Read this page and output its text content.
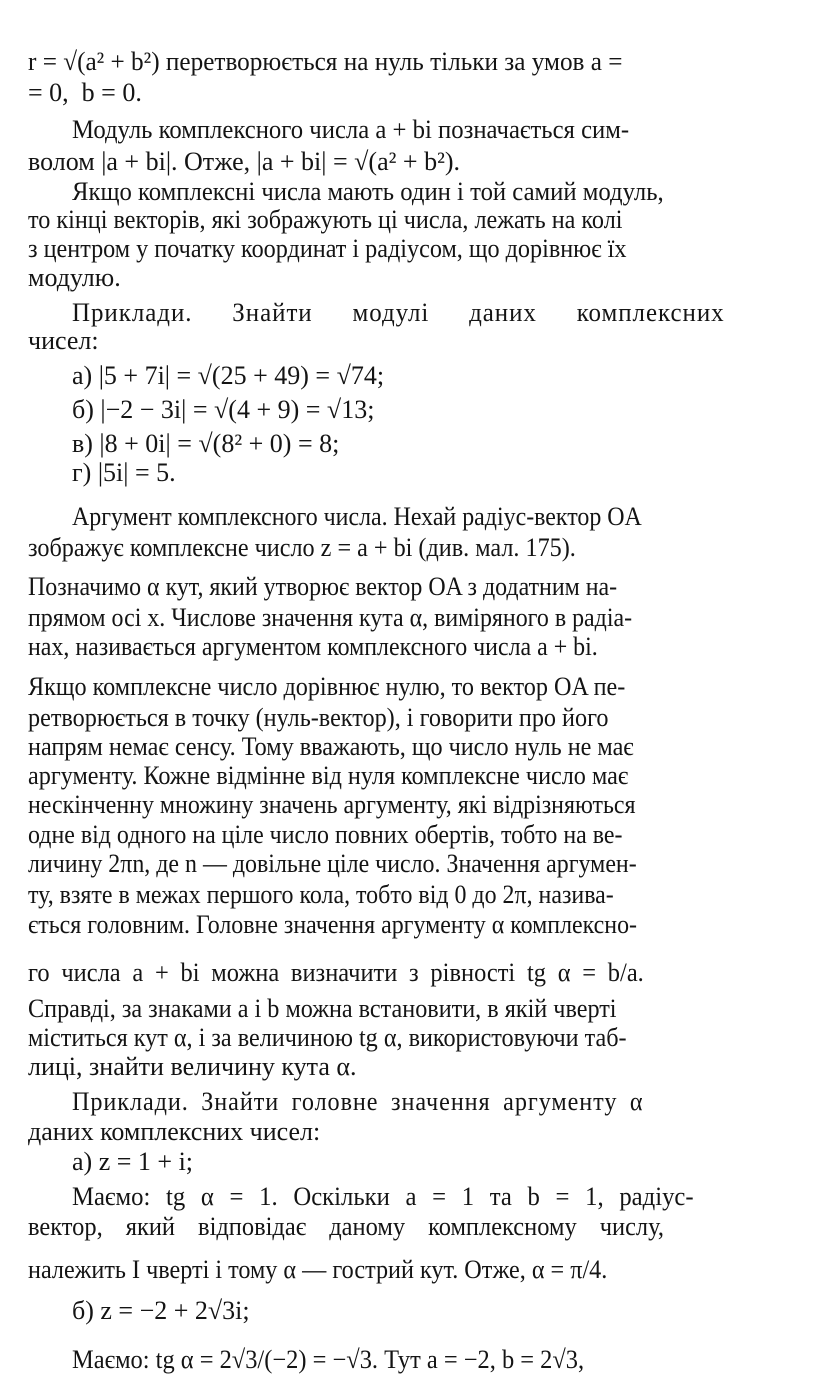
r = √(a² + b²) перетворюється на нуль тільки за умов a =
= 0,  b = 0.
Модуль комплексного числа a + bi позначається сим-
волом |a + bi|. Отже, |a + bi| = √(a² + b²).
Якщо комплексні числа мають один і той самий модуль,
то кінці векторів, які зображують ці числа, лежать на колі
з центром у початку координат і радіусом, що дорівнює їх
модулю.
Приклади. Знайти модулі даних комплексних
чисел:
а) |5 + 7i| = √(25 + 49) = √74;
б) |−2 − 3i| = √(4 + 9) = √13;
в) |8 + 0i| = √(8² + 0) = 8;
г) |5i| = 5.
Аргумент комплексного числа. Нехай радіус-вектор OA
зображує комплексне число z = a + bi (див. мал. 175).
Позначимо α кут, який утворює вектор OA з додатним на-
прямом осі x. Числове значення кута α, виміряного в радіа-
нах, називається аргументом комплексного числа a + bi.
Якщо комплексне число дорівнює нулю, то вектор OA пе-
ретворюється в точку (нуль-вектор), і говорити про його
напрям немає сенсу. Тому вважають, що число нуль не має
аргументу. Кожне відмінне від нуля комплексне число має
нескінченну множину значень аргументу, які відрізняються
одне від одного на ціле число повних обертів, тобто на ве-
личину 2πn, де n — довільне ціле число. Значення аргумен-
ту, взяте в межах першого кола, тобто від 0 до 2π, назива-
ється головним. Головне значення аргументу α комплексно-
го числа a + bi можна визначити з рівності tg α = b/a.
Справді, за знаками a і b можна встановити, в якій чверті
міститься кут α, і за величиною tg α, використовуючи таб-
лиці, знайти величину кута α.
Приклади. Знайти головне значення аргументу α
даних комплексних чисел:
а) z = 1 + i;
Маємо: tg α = 1. Оскільки a = 1 та b = 1, радіус-
вектор, який відповідає даному комплексному числу,
належить I чверті і тому α — гострий кут. Отже, α = π/4.
б) z = −2 + 2√3i;
Маємо: tg α = 2√3/(−2) = −√3. Тут a = −2, b = 2√3,
